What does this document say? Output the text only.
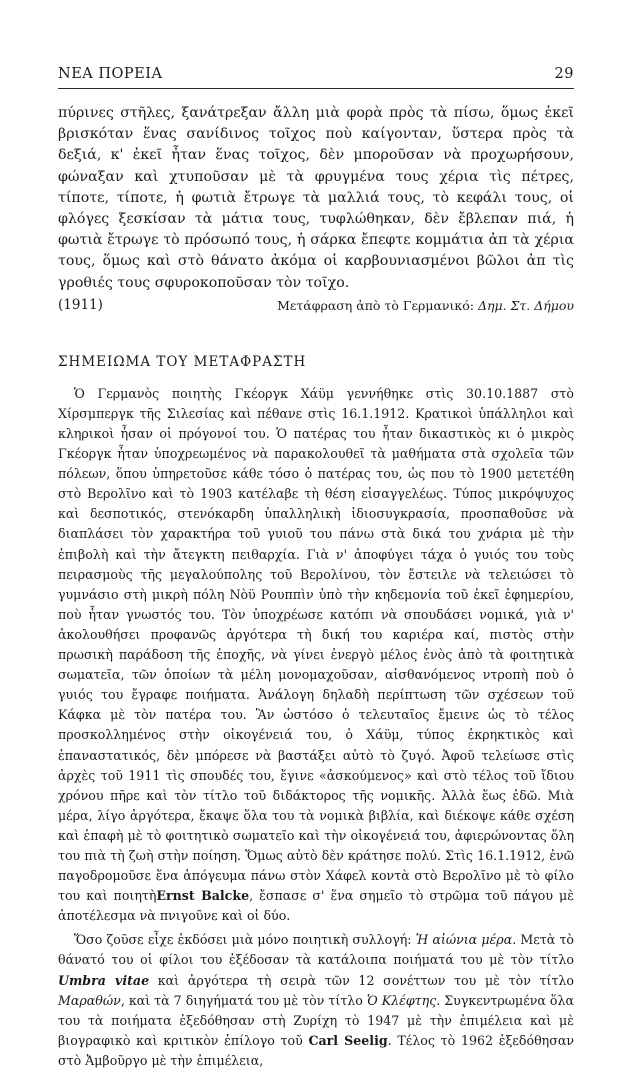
ΝΕΑ ΠΟΡΕΙΑ	29

πύρινες στῆλες, ξανάτρεξαν ἄλλη μιὰ φορὰ πρὸς τὰ πίσω, ὅμως ἐκεῖ βρισκόταν ἕνας σανίδινος τοῖχος ποὺ καίγονταν, ὕστερα πρὸς τὰ δεξιά, κ' ἐκεῖ ἦταν ἕνας τοῖχος, δὲν μποροῦσαν νὰ προχωρήσουν, φώναξαν καὶ χτυποῦσαν μὲ τὰ φρυγμένα τους χέρια τὶς πέτρες, τίποτε, τίποτε, ἡ φωτιὰ ἔτρωγε τὰ μαλλιά τους, τὸ κεφάλι τους, οἱ φλόγες ξεσκίσαν τὰ μάτια τους, τυφλώθηκαν, δὲν ἔβλεπαν πιά, ἡ φωτιὰ ἔτρωγε τὸ πρόσωπό τους, ἡ σάρκα ἔπεφτε κομμάτια ἀπ τὰ χέρια τους, ὅμως καὶ στὸ θάνατο ἀκόμα οἱ καρβουνιασμένοι βῶλοι ἀπ τὶς γροθιές τους σφυροκοποῦσαν τὸν τοῖχο.

(1911)	Μετάφραση ἀπὸ τὸ Γερμανικό: Δημ. Στ. Δήμου
ΣΗΜΕΙΩΜΑ ΤΟΥ ΜΕΤΑΦΡΑΣΤΗ

Ὁ Γερμανὸς ποιητὴς Γκέοργκ Χάϋμ γεννήθηκε στὶς 30.10.1887 στὸ Χίρσμπεργκ τῆς Σιλεσίας καὶ πέθανε στὶς 16.1.1912. Κρατικοὶ ὑπάλληλοι καὶ κληρικοὶ ἦσαν οἱ πρόγονοί του. Ὁ πατέρας του ἦταν δικαστικὸς κι ὁ μικρὸς Γκέοργκ ἦταν ὑποχρεωμένος νὰ παρακολουθεῖ τὰ μαθήματα στὰ σχολεῖα τῶν πόλεων, ὅπου ὑπηρετοῦσε κάθε τόσο ὁ πατέρας του, ὡς που τὸ 1900 μετετέθη στὸ Βερολῖνο καὶ τὸ 1903 κατέλαβε τὴ θέση εἰσαγγελέως. Τύπος μικρόψυχος καὶ δεσποτικός, στενόκαρδη ὑπαλληλικὴ ἰδιοσυγκρασία, προσπαθοῦσε νὰ διαπλάσει τὸν χαρακτήρα τοῦ γυιοῦ του πάνω στὰ δικά του χνάρια μὲ τὴν ἐπιβολὴ καὶ τὴν ἄτεγκτη πειθαρχία. Γιὰ ν' ἀποφύγει τάχα ὁ γυιός του τοὺς πειρασμοὺς τῆς μεγαλούπολης τοῦ Βερολίνου, τὸν ἔστειλε νὰ τελειώσει τὸ γυμνάσιο στὴ μικρὴ πόλη Νὸϋ Ρουππὶν ὑπὸ τὴν κηδεμονία τοῦ ἐκεῖ ἐφημερίου, ποὺ ἦταν γνωστός του. Τὸν ὑποχρέωσε κατόπι νὰ σπουδάσει νομικά, γιὰ ν' ἀκολουθήσει προφανῶς ἀργότερα τὴ δική του καριέρα καί, πιστὸς στὴν πρωσικὴ παράδοση τῆς ἐποχῆς, νὰ γίνει ἐνεργὸ μέλος ἑνὸς ἀπὸ τὰ φοιτητικὰ σωματεῖα, τῶν ὁποίων τὰ μέλη μονομαχοῦσαν, αἰσθανόμενος ντροπὴ ποὺ ὁ γυιός του ἔγραφε ποιήματα. Ἀνάλογη δηλαδὴ περίπτωση τῶν σχέσεων τοῦ Κάφκα μὲ τὸν πατέρα του. Ἂν ὡστόσο ὁ τελευταῖος ἔμεινε ὡς τὸ τέλος προσκολλημένος στὴν οἰκογένειά του, ὁ Χάϋμ, τύπος ἐκρηκτικὸς καὶ ἐπαναστατικός, δὲν μπόρεσε νὰ βαστάξει αὐτὸ τὸ ζυγό. Ἀφοῦ τελείωσε στὶς ἀρχὲς τοῦ 1911 τὶς σπουδές του, ἔγινε «ἀσκούμενος» καὶ στὸ τέλος τοῦ ἴδιου χρόνου πῆρε καὶ τὸν τίτλο τοῦ διδάκτορος τῆς νομικῆς. Ἀλλὰ ἕως ἐδῶ. Μιὰ μέρα, λίγο ἀργότερα, ἔκαψε ὅλα του τὰ νομικὰ βιβλία, καὶ διέκοψε κάθε σχέση καὶ ἐπαφὴ μὲ τὸ φοιτητικὸ σωματεῖο καὶ τὴν οἰκογένειά του, ἀφιερώνοντας ὅλη του πιὰ τὴ ζωὴ στὴν ποίηση. Ὅμως αὐτὸ δὲν κράτησε πολύ. Στὶς 16.1.1912, ἐνῶ παγοδρομοῦσε ἕνα ἀπόγευμα πάνω στὸν Χάφελ κοντὰ στὸ Βερολῖνο μὲ τὸ φίλο του καὶ ποιητὴErnst Balcke, ἔσπασε σ' ἕνα σημεῖο τὸ στρῶμα τοῦ πάγου μὲ ἀποτέλεσμα νὰ πνιγοῦνε καὶ οἱ δύο.

Ὅσο ζοῦσε εἶχε ἐκδόσει μιὰ μόνο ποιητικὴ συλλογή: Ἡ αἰώνια μέρα. Μετὰ τὸ θάνατό του οἱ φίλοι του ἐξέδοσαν τὰ κατάλοιπα ποιήματά του μὲ τὸν τίτλο Umbra vitae καὶ ἀργότερα τὴ σειρὰ τῶν 12 σονέττων του μὲ τὸν τίτλο Μαραθών, καὶ τὰ 7 διηγήματά του μὲ τὸν τίτλο Ὁ Κλέφτης. Συγκεντρωμένα ὅλα του τὰ ποιήματα ἐξεδόθησαν στὴ Ζυρίχη τὸ 1947 μὲ τὴν ἐπιμέλεια καὶ μὲ βιογραφικὸ καὶ κριτικὸν ἐπίλογο τοῦ Carl Seelig. Τέλος τὸ 1962 ἐξεδόθησαν στὸ Ἀμβοῦργο μὲ τὴν ἐπιμέλεια,
